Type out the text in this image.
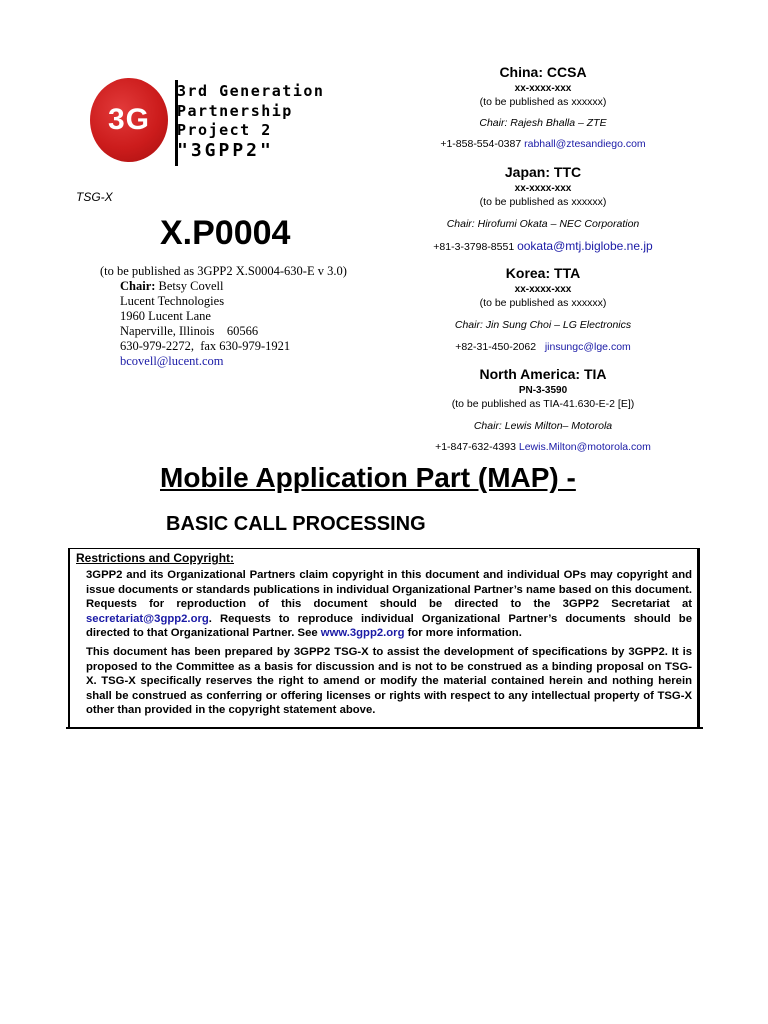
3G
3rd Generation
Partnership
Project 2
"3GPP2"
TSG-X
X.P0004
(to be published as 3GPP2 X.S0004-630-E v 3.0)
Chair: Betsy Covell
Lucent Technologies
1960 Lucent Lane
Naperville, Illinois    60566
630-979-2272,  fax 630-979-1921
bcovell@lucent.com
China: CCSA
xx-xxxx-xxx
(to be published as xxxxxx)
Chair: Rajesh Bhalla – ZTE
+1-858-554-0387 rabhall@ztesandiego.com
Japan: TTC
xx-xxxx-xxx
(to be published as xxxxxx)
Chair: Hirofumi Okata – NEC Corporation
+81-3-3798-8551 ookata@mtj.biglobe.ne.jp
Korea: TTA
xx-xxxx-xxx
(to be published as xxxxxx)
Chair: Jin Sung Choi – LG Electronics
+82-31-450-2062 jinsungc@lge.com
North America: TIA
PN-3-3590
(to be published as TIA-41.630-E-2 [E])
Chair: Lewis Milton– Motorola
+1-847-632-4393 Lewis.Milton@motorola.com
Mobile Application Part (MAP) -
BASIC CALL PROCESSING
Restrictions and Copyright:
3GPP2 and its Organizational Partners claim copyright in this document and individual OPs may copyright and issue documents or standards publications in individual Organizational Partner’s name based on this document. Requests for reproduction of this document should be directed to the 3GPP2 Secretariat at secretariat@3gpp2.org. Requests to reproduce individual Organizational Partner’s documents should be directed to that Organizational Partner. See www.3gpp2.org for more information.
This document has been prepared by 3GPP2 TSG-X to assist the development of specifications by 3GPP2. It is proposed to the Committee as a basis for discussion and is not to be construed as a binding proposal on TSG-X. TSG-X specifically reserves the right to amend or modify the material contained herein and nothing herein shall be construed as conferring or offering licenses or rights with respect to any intellectual property of TSG-X other than provided in the copyright statement above.
